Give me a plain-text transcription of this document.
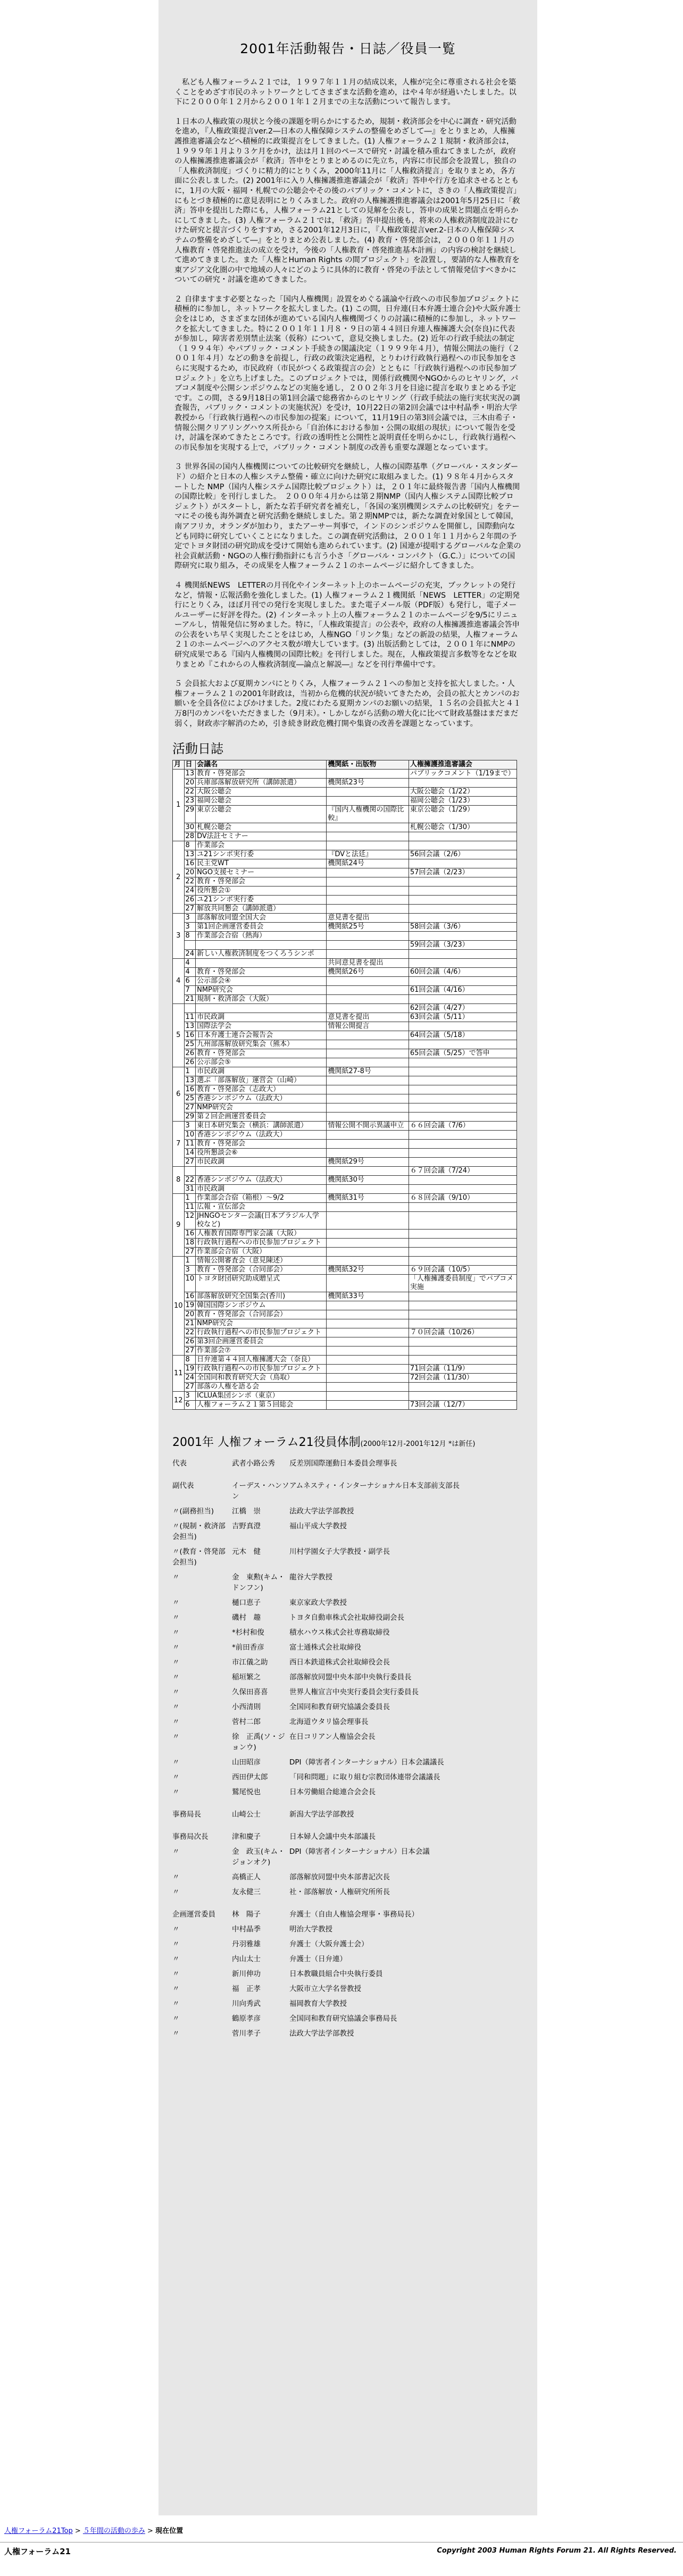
2001年活動報告・日誌／役員一覧

私ども人権フォーラム２１では，１９９７年１１月の結成以来，人権が完全に尊重される社会を築くことをめざす市民のネットワークとしてさまざまな活動を進め，はや４年が経過いたしました。以下に２０００年１２月から２００１年１２月までの主な活動について報告します。

１日本の人権政策の現状と今後の課題を明らかにするため，規制・救済部会を中心に調査・研究活動を進め，『人権政策提言ver.2―日本の人権保障システムの整備をめざして―』をとりまとめ，人権擁護推進審議会などへ積極的に政策提言をしてきました。(1) 人権フォーラム２１規制・救済部会は，１９９９年１月より３ケ月をかけ，法は月１回のペースで研究・討議を積み重ねてきましたが，政府の人権擁護推進審議会が「救済」答申をとりまとめるのに先立ち，内容に市民部会を設置し，独自の「人権救済制度」づくりに精力的にとりくみ，2000年11月に「人権救済提言」を取りまとめ，各方面に公表しました。(2) 2001年に入り人権擁護推進審議会が「救済」答申や行方を追求させるとともに，1月の大阪・福岡・札幌での公聴会やその後のパブリック・コメントに，さきの「人権政策提言」にもとづき積極的に意見表明にとりくみました。政府の人権擁護推進審議会は2001年5月25日に「救済」答申を提出した際にも，人権フォーラム21としての見解を公表し，答申の成果と問題点を明らかにしてきました。(3) 人権フォーラム２１では，「救済」答申提出後も，将来の人権救済制度設計にむけた研究と提言づくりをすすめ，さる2001年12月3日に，『人権政策提言ver.2-日本の人権保障システムの整備をめざして―』をとりまとめ公表しました。(4) 教育・啓発部会は，２０００年１１月の人権教育・啓発推進法の成立を受け，今後の「人権教育・啓発推進基本計画」の内容の検討を継続して進めてきました。また「人権とHuman Rights の間プロジェクト」を設置し，要請的な人権教育を東アジア文化圏の中で地域の人々にどのように具体的に教育・啓発の手法として情報発信すべきかについての研究・討議を進めてきました。

２ 自律ますます必要となった「国内人権機関」設置をめぐる議論や行政への市民参加プロジェクトに積極的に参加し，ネットワークを拡大しました。(1) この間，日弁連(日本弁護士連合会)や大阪弁護士会をはじめ，さまざまな団体が進めている国内人権機関づくりの討議に積極的に参加し，ネットワークを拡大してきました。特に２００１年１１月８・９日の第４４回日弁連人権擁護大会(奈良)に代表が参加し，障害者差別禁止法案（仮称）について，意見交換しました。(2) 近年の行政手続法の制定（１９９４年）やパブリック・コメント手続きの閣議決定（１９９９年４月），情報公開法の施行（２００１年４月）などの動きを前提し，行政の政策決定過程，とりわけ行政執行過程への市民参加をさらに実現するため，市民政府（市民がつくる政策提言の会）とともに「行政執行過程への市民参加プロジェクト」を立ち上げました。このプロジェクトでは，関係行政機関やNGOからのヒヤリング，パブコメ制度や公開シンポジウムなどの実施を通し，２００２年３月を目途に提言を取りまとめる予定です。この間，さる9月18日の第1回会議で総務省からのヒヤリング（行政手続法の施行実状実況の調査報告，パブリック・コメントの実施状況）を受け，10月22日の第2回会議では中村晶季・明治大学教授から「行政執行過程への市民参加の提案」について，11月19日の第3回会議では，三木由希子・情報公開クリアリングハウス所長から「自治体における参加・公開の取組の現状」について報告を受け，討議を深めてきたところです。行政の透明性と公開性と説明責任を明らかにし，行政執行過程への市民参加を実現する上で，パブリック・コメント制度の改善も重要な課題となっています。

３ 世界各国の国内人権機関についての比較研究を継続し，人権の国際基準（グローバル・スタンダード）の紹介と日本の人権システム整備・確立に向けた研究に取組みました。(1) ９８年４月からスタートした NMP（国内人権システム国際比較プロジェクト）は，２０１年に最終報告書「国内人権機関の国際比較」を刊行しました。　２０００年４月からは第２期NMP（国内人権システム国際比較プロジェクト）がスタートし，新たな若手研究者を補充し，「各国の案別機関システムの比較研究」をテーマにその後も海外調査と研究活動を継続しました。第２期NMPでは，新たな調査対象国として韓国，南アフリカ，オランダが加わり，またアーサー判事で，インドのシンポジウムを開催し，国際動向なども同時に研究していくことになりました。この調査研究活動は，２００１年１１月から２年間の予定でトヨタ財団の研究助成を受けて開始も進められています。(2) 国連が提唱するグローバルな企業の社会貢献活動・NGOの人権行動指針にも言う小さ「グローバル・コンパクト（G.C.）」についての国際研究に取り組み，その成果を人権フォーラム２１のホームページに紹介してきました。

４ 機関紙NEWS　LETTERの月刊化やインターネット上のホームページの充実，ブックレットの発行など，情報・広報活動を強化しました。(1) 人権フォーラム２１機関紙「NEWS　LETTER」の定期発行にとりくみ，ほぼ月刊での発行を実現しました。また電子メール版（PDF版）も発行し，電子メールユーザーに好評を得た。(2) インターネット上の人権フォーラム２１のホームページを9/5にリニューアルし，情報発信に努めました。特に，「人権政策提言」の公表や，政府の人権擁護推進審議会答申の公表をいち早く実現したことをはじめ，人権NGO「リンク集」などの新設の結果，人権フォーラム２１のホームページへのアクセス数が増大しています。(3) 出版活動としては，２００１年にNMPの研究成果である『国内人権機関の国際比較』を刊行しました。現在，人権政策提言多数等をなどを取りまとめ『これからの人権救済制度―論点と解説―』などを刊行準備中です。

５ 会員拡大および夏期カンパにとりくみ，人権フォーラム２１への参加と支持を拡大しました。・人権フォーラム２１の2001年財政は，当初から危機的状況が続いてきたため，会員の拡大とカンパのお願いを全員各位によびかけました。2度にわたる夏期カンパのお願いの結果，１５名の会員拡大と４１万8円のカンパをいただきました（9月末）。・しかしながら活動の増大化に比べて財政基盤はまだまだ弱く，財政赤字解消のため，引き続き財政危機打開や集資の改善を課題となっています。

活動日誌
月	日	会議名	機関紙・出版物	人権擁護推進審議会
1	13	教育・啓発部会		パブリックコメント（1/19まで）
	20	兵庫部落解放研究所（講師派遣）	機関紙23号	
	22	大阪公聴会		大阪公聴会（1/22）
	23	福岡公聴会		福岡公聴会（1/23）
	29	東京公聴会	『国内人権機関の国際比較』	東京公聴会（1/29）
	30	札幌公聴会		札幌公聴会（1/30）
	28	DV法註セミナー		
2	8	作業部会		
	13	ユ21シンポ実行委	『DVと法廷』	56回会議（2/6）
	16	民主党WT	機関紙24号	
	20	NGO支援セミナー		57回会議（2/23）
	22	教育・啓発部会		
	24	役所懇会①		
	26	ユ21シンポ実行委		
	27	解放共同懇会（講師派遣）		
3	3	部落解放同盟全国大会	意見書を提出	
	3	第1回企画運営委員会	機関紙25号	58回会議（3/6）
	8	作業部会合宿（熱海）		
				59回会議（3/23）
	24	新しい人権救済制度をつくろうシンポ		
4	4		共同意見書を提出	
	4	教育・啓発部会	機関紙26号	60回会議（4/6）
	6	公示部会④		
	7	NMP研究会		61回会議（4/16）
	21	規制・救済部会（大阪）		
5				62回会議（4/27）
	11	市民政調	意見書を提出	63回会議（5/11）
	13	国際法学会	情報公開提言	
	16	日本弁護士連合会報告会		64回会議（5/18）
	25	九州部落解放研究集会（熊本）		
	26	教育・啓発部会		65回会議（5/25）で答申
	26	公示部会⑤		
6	1	市民政調	機関紙27-8号	
	13	選ぶ「部落解放」運営会（山崎）		
	16	教育・啓発部会（志政大）		
	25	香港シンポジウム（法政大）		
	27	NMP研究会		
	29	第２回企画運営委員会		
7	3	東日本研究集会（横浜：講師派遣）	情報公開不開示異議申立	６６回会議（7/6）
	10	香港シンポジウム（法政大）		
	11	教育・啓発部会		
	14	役所懇談会⑥		
	27	市民政調	機関紙29号	
8				６７回会議（7/24）
	22	香港シンポジウム（法政大）	機関紙30号	
	31	市民政調		
9	1	作業部会合宿（箱根）～9/2	機関紙31号	６８回会議（9/10）
	11	広報・宣伝部会		
	12	JHNGOセンター会議(日本ブラジル人学校など)		
	16	人権教育国際専門家会議（大阪）		
	18	行政執行過程への市民参加プロジェクト		
	27	作業部会合宿（大阪）		
10	1	情報公開審査会（意見陳述）		
	3	教育・啓発部会（合同部会）	機関紙32号	６９回会議（10/5）
	10	トヨタ財団研究助成贈呈式		「人権擁護委員制度」でパブコメ実施
	16	部落解放研究全国集会(香川)	機関紙33号	
	19	韓国国際シンポジウム		
	20	教育・啓発部会（合同部会）		
	21	NMP研究会		
	22	行政執行過程への市民参加プロジェクト		７０回会議（10/26）
	26	第3回企画運営委員会		
	27	作業部会⑦		
11	8	日弁連第４４回人権擁護大会（奈良）		
	19	行政執行過程への市民参加プロジェクト		71回会議（11/9）
	24	全国同和教育研究大会（鳥取）		72回会議（11/30）
	27	部落の人権を語る会		
12	3	ICLUA集団シンポ（東京）		
	6	人権フォーラム２１第５回総会		73回会議（12/7）
2001年 人権フォーラム21役員体制(2000年12月-2001年12月 *は新任)
代表	武者小路公秀	反差別国際運動日本委員会理事長

副代表	イーデス・ハンソン	アムネスティ・インターナショナル日本支部前支部長
〃(副務担当)	江橋　崇	法政大学法学部教授
〃(規制・救済部会担当)	吉野真澄	福山平成大学教授
〃(教育・啓発部会担当)	元木　健	川村学園女子大学教授・副学長
〃	金　東勲(キム・ドンフン)	龍谷大学教授
〃	樋口恵子	東京家政大学教授
〃	磯村　趣	トヨタ自動車株式会社取締役副会長
〃	*杉村和俊	積水ハウス株式会社専務取締役
〃	*前田香彦	富士通株式会社取締役
〃	市江儀之助	西日本鉄道株式会社取締役会長
〃	稲垣繁之	部落解放同盟中央本部中央執行委員長
〃	久保田喜喜	世界人権宣言中央実行委員会実行委員長
〃	小西清則	全国同和教育研究協議会委員長
〃	菅村二郎	北海道ウタリ協会理事長
〃	徐　正禹(ソ・ジョンウ)	在日コリアン人権協会会長
〃	山田昭彦	DPI（障害者インターナショナル）日本会議議長
〃	西田伊太郎	「同和問題」に取り組む宗教団体連帯会議議長
〃	鷲尾悦也	日本労働組合総連合会会長

事務局長	山崎公士	新潟大学法学部教授

事務局次長	津和慶子	日本婦人会議中央本部議長
〃	金　政玉(キム・ジョンオク)	DPI（障害者インターナショナル）日本会議
〃	高橋正人	部落解放同盟中央本部書記次長
〃	友永健三	社・部落解放・人権研究所所長

企画運営委員	林　陽子	弁護士（自由人権協会理事・事務局長）
〃	中村晶季	明治大学教授
〃	丹羽雅雄	弁護士（大阪弁護士会）
〃	内山太士	弁護士（日弁連）
〃	新川伸功	日本教職員組合中央執行委員
〃	福　正孝	大阪市立大学名誉教授
〃	川向秀武	福岡教育大学教授
〃	鶴原孝彦	全国同和教育研究協議会事務局長
〃	菅川孝子	法政大学法学部教授
人権フォーラム21Top > ５年間の活動の歩み > 現在位置
人権フォーラム21	Copyright 2003 Human Rights Forum 21. All Rights Reserved.
